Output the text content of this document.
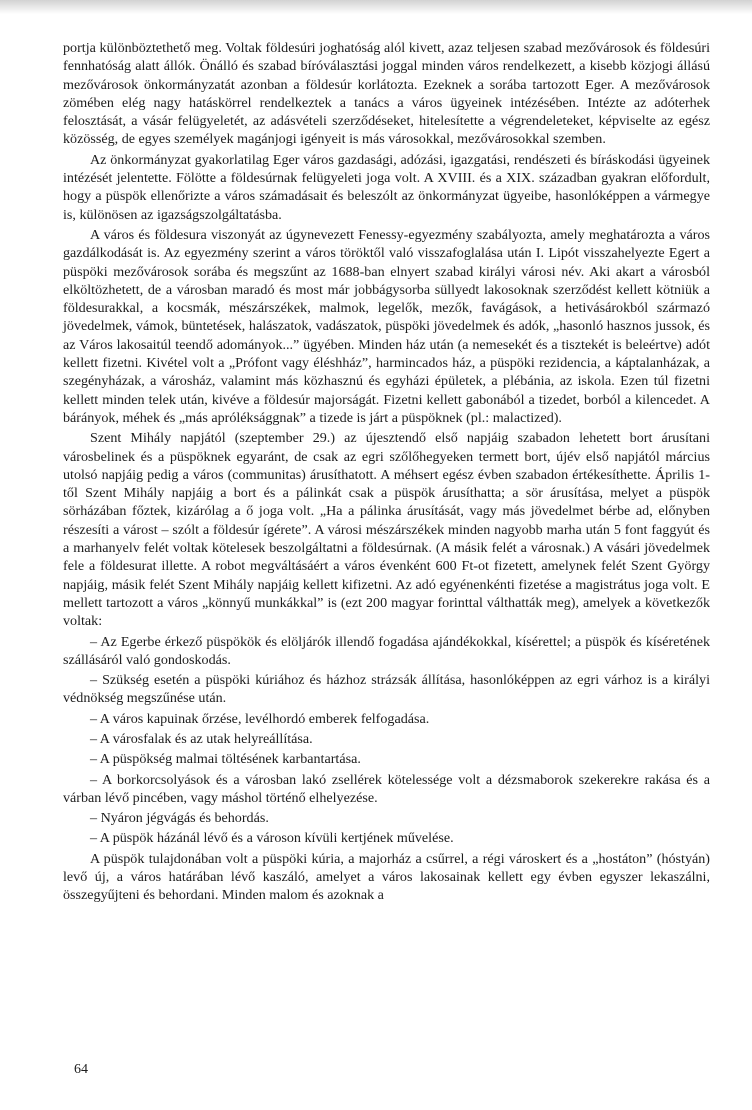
portja különböztethető meg. Voltak földesúri joghatóság alól kivett, azaz teljesen szabad mezővárosok és földesúri fennhatóság alatt állók. Önálló és szabad bíróválasztási joggal minden város rendelkezett, a kisebb közjogi állású mezővárosok önkormányzatát azonban a földesúr korlátozta. Ezeknek a sorába tartozott Eger. A mezővárosok zömében elég nagy hatáskörrel rendelkeztek a tanács a város ügyeinek intézésében. Intézte az adóterhek felosztását, a vásár felügyeletét, az adásvételi szerződéseket, hitelesítette a végrendeleteket, képviselte az egész közösség, de egyes személyek magánjogi igényeit is más városokkal, mezővárosokkal szemben.

Az önkormányzat gyakorlatilag Eger város gazdasági, adózási, igazgatási, rendészeti és bíráskodási ügyeinek intézését jelentette. Fölötte a földesúrnak felügyeleti joga volt. A XVIII. és a XIX. században gyakran előfordult, hogy a püspök ellenőrizte a város számadásait és beleszólt az önkormányzat ügyeibe, hasonlóképpen a vármegye is, különösen az igazságszolgáltatásba.

A város és földesura viszonyát az úgynevezett Fenessy-egyezmény szabályozta, amely meghatározta a város gazdálkodását is. Az egyezmény szerint a város töröktől való visszafoglalása után I. Lipót visszahelyezte Egert a püspöki mezővárosok sorába és megszűnt az 1688-ban elnyert szabad királyi városi név. Aki akart a városból elköltözhetett, de a városban maradó és most már jobbágysorba süllyedt lakosoknak szerződést kellett kötniük a földesurakkal, a kocsmák, mészárszékek, malmok, legelők, mezők, favágások, a hetivásárokból származó jövedelmek, vámok, büntetések, halászatok, vadászatok, püspöki jövedelmek és adók, „hasonló hasznos jussok, és az Város lakosaitúl teendő adományok...” ügyében. Minden ház után (a nemesekét és a tisztekét is beleértve) adót kellett fizetni. Kivétel volt a „Prófont vagy éléshház”, harmincados ház, a püspöki rezidencia, a káptalanházak, a szegényházak, a városház, valamint más közhasznú és egyházi épületek, a plébánia, az iskola. Ezen túl fizetni kellett minden telek után, kivéve a földesúr majorságát. Fizetni kellett gabonából a tizedet, borból a kilencedet. A bárányok, méhek és „más apróléksággnak” a tizede is járt a püspöknek (pl.: malactized).

Szent Mihály napjától (szeptember 29.) az újesztendő első napjáig szabadon lehetett bort árusítani városbelinek és a püspöknek egyaránt, de csak az egri szőlőhegyeken termett bort, újév első napjától március utolsó napjáig pedig a város (communitas) árusíthatott. A méhsert egész évben szabadon értékesíthette. Április 1-től Szent Mihály napjáig a bort és a pálinkát csak a püspök árusíthatta; a sör árusítása, melyet a püspök sörházában főztek, kizárólag a ő joga volt. „Ha a pálinka árusítását, vagy más jövedelmet bérbe ad, előnyben részesíti a várost – szólt a földesúr ígérete”. A városi mészárszékek minden nagyobb marha után 5 font faggyút és a marhanyelv felét voltak kötelesek beszolgáltatni a földesúrnak. (A másik felét a városnak.) A vásári jövedelmek fele a földesurat illette. A robot megváltásáért a város évenként 600 Ft-ot fizetett, amelynek felét Szent György napjáig, másik felét Szent Mihály napjáig kellett kifizetni. Az adó egyénenkénti fizetése a magistrátus joga volt. E mellett tartozott a város „könnyű munkákkal” is (ezt 200 magyar forinttal válthatták meg), amelyek a következők voltak:

– Az Egerbe érkező püspökök és elöljárók illendő fogadása ajándékokkal, kísérettel; a püspök és kíséretének szállásáról való gondoskodás.

– Szükség esetén a püspöki kúriához és házhoz strázsák állítása, hasonlóképpen az egri várhoz is a királyi védnökség megszűnése után.

– A város kapuinak őrzése, levélhordó emberek felfogadása.

– A városfalak és az utak helyreállítása.

– A püspökség malmai töltésének karbantartása.

– A borkorcsolyások és a városban lakó zsellérek kötelessége volt a dézsmaborok szekerekre rakása és a várban lévő pincében, vagy máshol történő elhelyezése.

– Nyáron jégvágás és behordás.

– A püspök házánál lévő és a városon kívüli kertjének művelése.

A püspök tulajdonában volt a püspöki kúria, a majorház a csűrrel, a régi városkert és a „hostáton” (hóstyán) levő új, a város határában lévő kaszáló, amelyet a város lakosainak kellett egy évben egyszer lekaszálni, összegyűjteni és behordani. Minden malom és azoknak a

64
